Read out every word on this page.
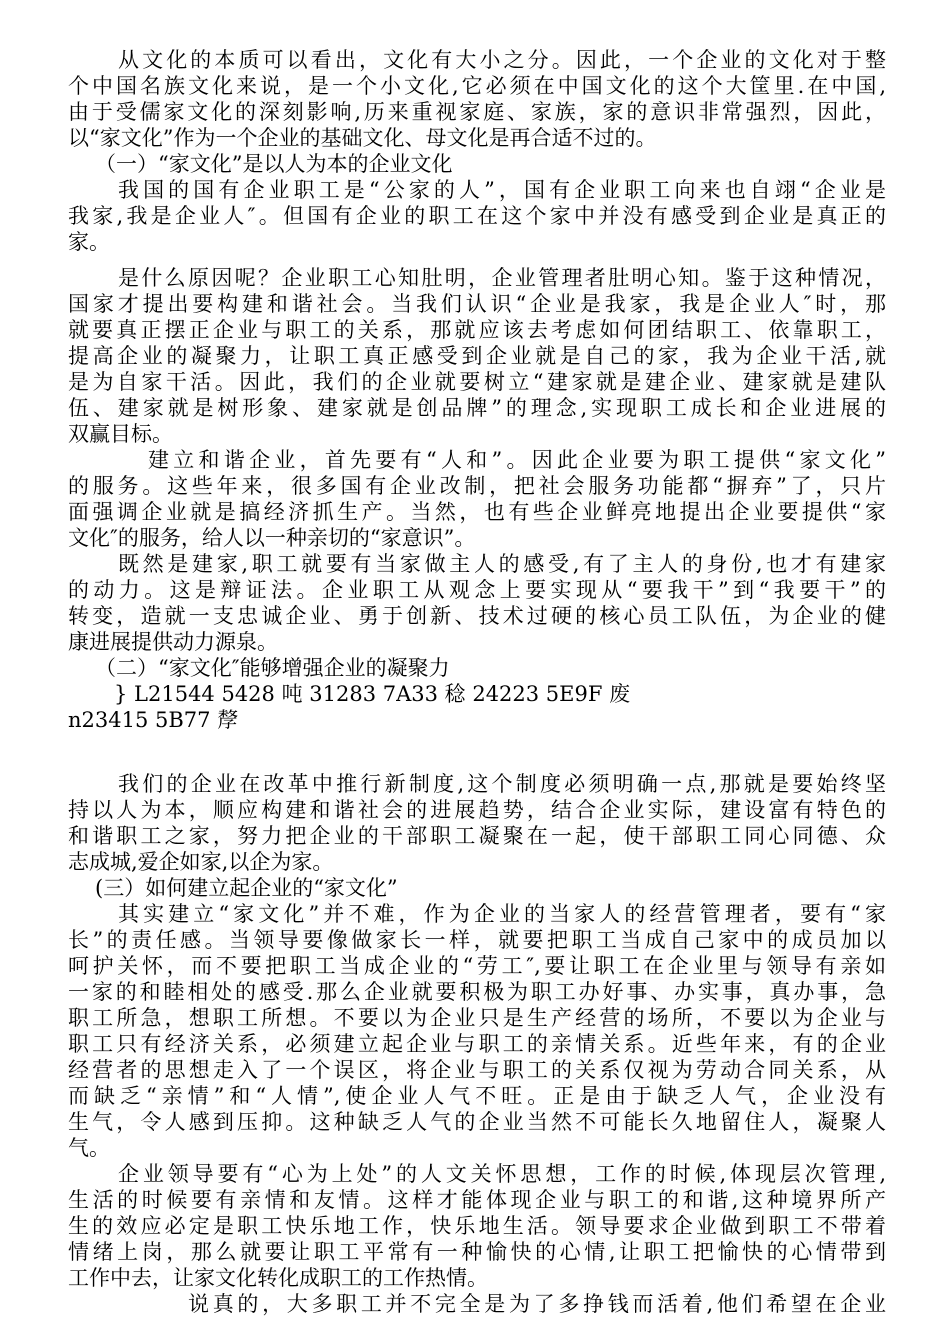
从文化的本质可以看出，文化有大小之分。因此，一个企业的文化对于整
个中国名族文化来说，是一个小文化,它必须在中国文化的这个大筐里.在中国,
由于受儒家文化的深刻影响,历来重视家庭、家族，家的意识非常强烈，因此，
以“家文化”作为一个企业的基础文化、母文化是再合适不过的。
（一）“家文化”是以人为本的企业文化
我国的国有企业职工是“公家的人”，国有企业职工向来也自翊“企业是
我家,我是企业人″。但国有企业的职工在这个家中并没有感受到企业是真正的
家。
是什么原因呢？企业职工心知肚明，企业管理者肚明心知。鉴于这种情况，
国家才提出要构建和谐社会。当我们认识“企业是我家，我是企业人″时，那
就要真正摆正企业与职工的关系，那就应该去考虑如何团结职工、依靠职工，
提高企业的凝聚力，让职工真正感受到企业就是自己的家，我为企业干活,就
是为自家干活。因此，我们的企业就要树立“建家就是建企业、建家就是建队
伍、建家就是树形象、建家就是创品牌”的理念,实现职工成长和企业进展的
双赢目标。
建立和谐企业，首先要有“人和”。因此企业要为职工提供“家文化”
的服务。这些年来，很多国有企业改制，把社会服务功能都“摒弃”了，只片
面强调企业就是搞经济抓生产。当然，也有些企业鲜亮地提出企业要提供“家
文化″的服务，给人以一种亲切的“家意识”。
既然是建家,职工就要有当家做主人的感受,有了主人的身份,也才有建家
的动力。这是辩证法。企业职工从观念上要实现从“要我干”到“我要干”的
转变，造就一支忠诚企业、勇于创新、技术过硬的核心员工队伍，为企业的健
康进展提供动力源泉。
（二）“家文化″能够增强企业的凝聚力
} L21544 5428 吨 31283 7A33 稔 24223 5E9F 废
n23415 5B77 孷
我们的企业在改革中推行新制度,这个制度必须明确一点,那就是要始终坚
持以人为本，顺应构建和谐社会的进展趋势，结合企业实际，建设富有特色的
和谐职工之家，努力把企业的干部职工凝聚在一起，使干部职工同心同德、众
志成城,爱企如家,以企为家。
(三）如何建立起企业的“家文化”
其实建立“家文化”并不难，作为企业的当家人的经营管理者，要有“家
长”的责任感。当领导要像做家长一样，就要把职工当成自己家中的成员加以
呵护关怀，而不要把职工当成企业的“劳工″,要让职工在企业里与领导有亲如
一家的和睦相处的感受.那么企业就要积极为职工办好事、办实事，真办事，急
职工所急，想职工所想。不要以为企业只是生产经营的场所，不要以为企业与
职工只有经济关系，必须建立起企业与职工的亲情关系。近些年来，有的企业
经营者的思想走入了一个误区，将企业与职工的关系仅视为劳动合同关系，从
而缺乏“亲情”和“人情”,使企业人气不旺。正是由于缺乏人气，企业没有
生气，令人感到压抑。这种缺乏人气的企业当然不可能长久地留住人，凝聚人
气。
企业领导要有“心为上处”的人文关怀思想，工作的时候,体现层次管理,
生活的时候要有亲情和友情。这样才能体现企业与职工的和谐,这种境界所产
生的效应必定是职工快乐地工作，快乐地生活。领导要求企业做到职工不带着
情绪上岗，那么就要让职工平常有一种愉快的心情,让职工把愉快的心情带到
工作中去，让家文化转化成职工的工作热情。
说真的，大多职工并不完全是为了多挣钱而活着,他们希望在企业
